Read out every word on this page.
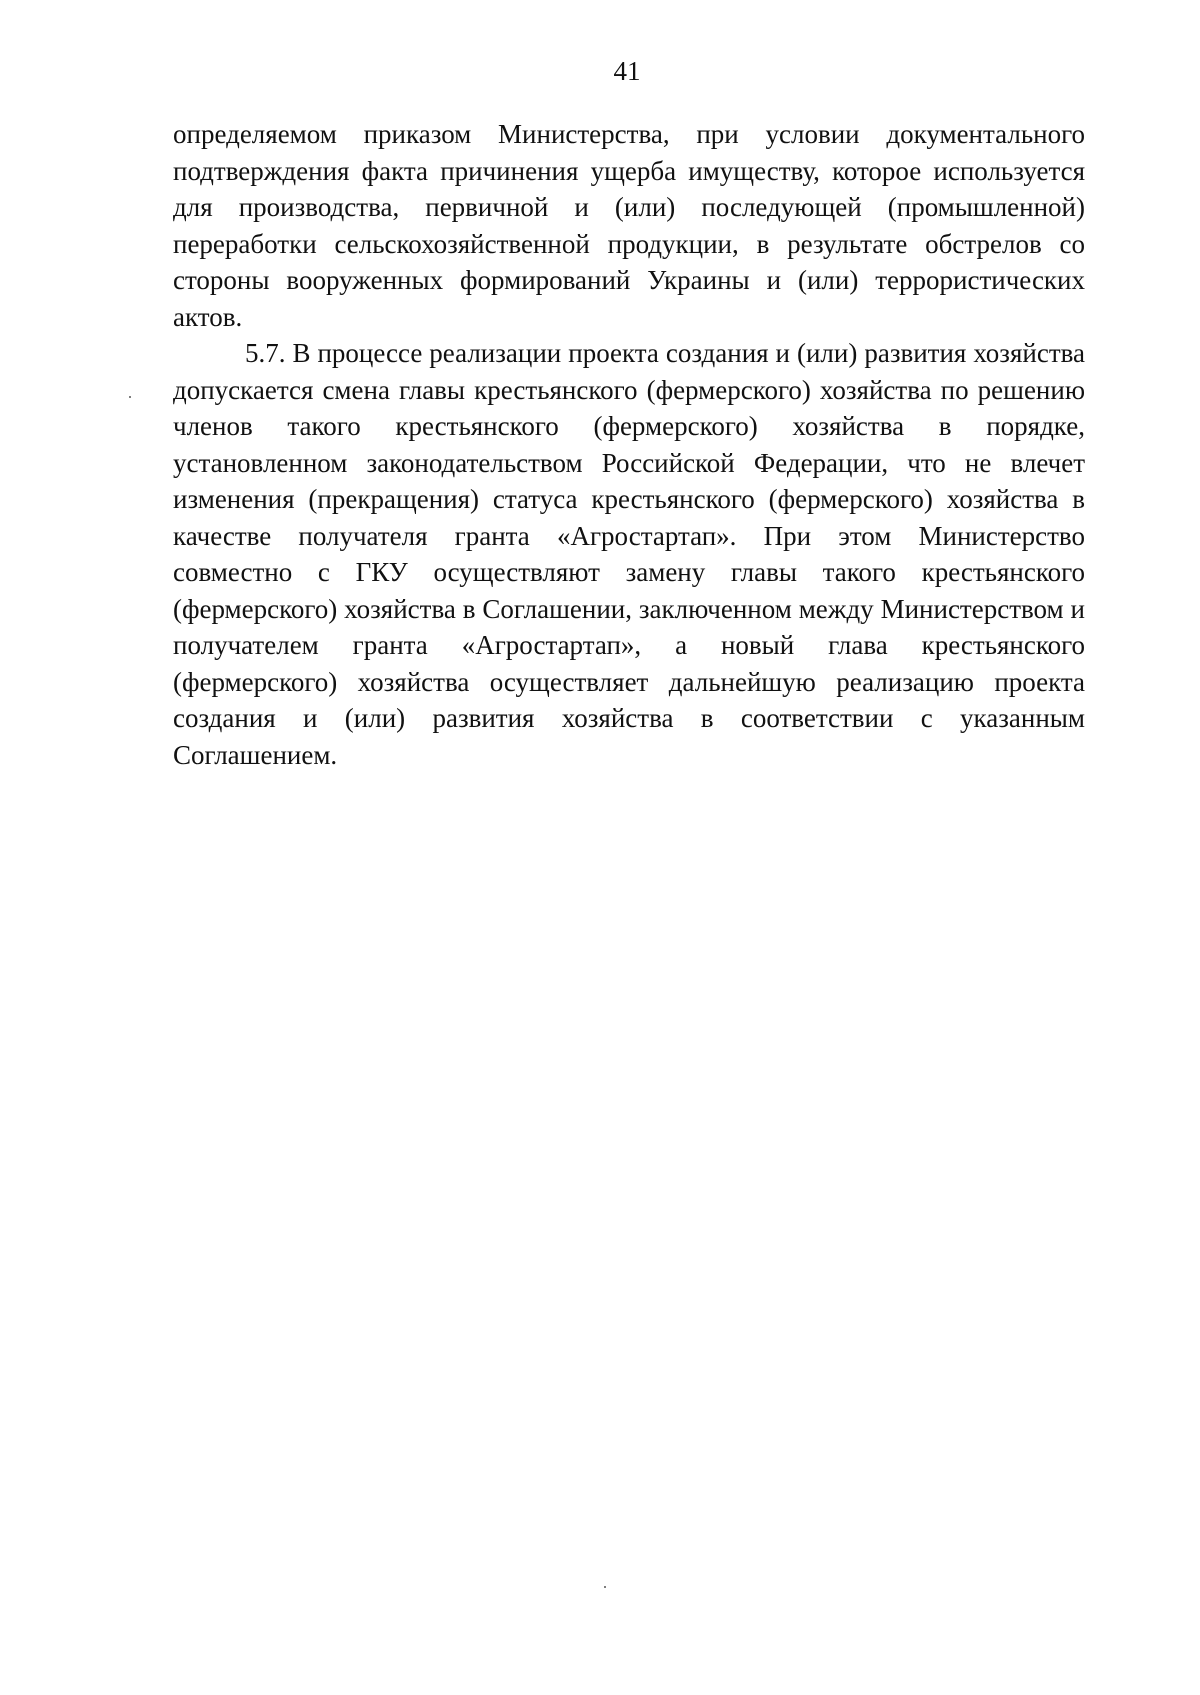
41

определяемом приказом Министерства, при условии документального подтверждения факта причинения ущерба имуществу, которое используется для производства, первичной и (или) последующей (промышленной) переработки сельскохозяйственной продукции, в результате обстрелов со стороны вооруженных формирований Украины и (или) террористических актов.

5.7. В процессе реализации проекта создания и (или) развития хозяйства допускается смена главы крестьянского (фермерского) хозяйства по решению членов такого крестьянского (фермерского) хозяйства в порядке, установленном законодательством Российской Федерации, что не влечет изменения (прекращения) статуса крестьянского (фермерского) хозяйства в качестве получателя гранта «Агростартап». При этом Министерство совместно с ГКУ осуществляют замену главы такого крестьянского (фермерского) хозяйства в Соглашении, заключенном между Министерством и получателем гранта «Агростартап», а новый глава крестьянского (фермерского) хозяйства осуществляет дальнейшую реализацию проекта создания и (или) развития хозяйства в соответствии с указанным Соглашением.
